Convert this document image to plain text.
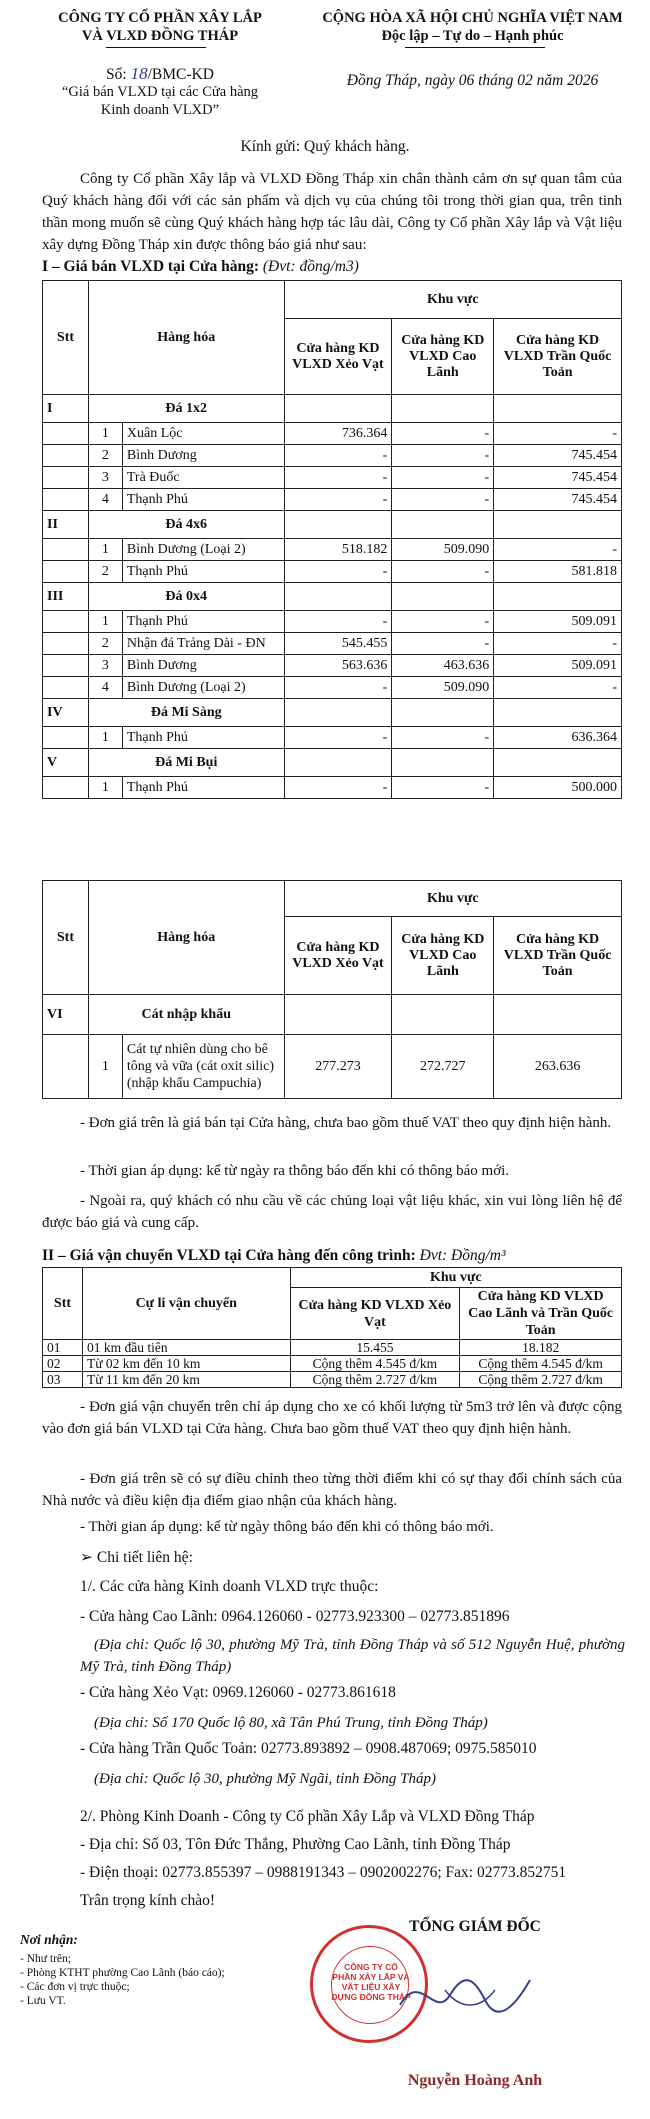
CÔNG TY CỔ PHẦN XÂY LẮP
VÀ VLXD ĐỒNG THÁP
CỘNG HÒA XÃ HỘI CHỦ NGHĨA VIỆT NAM
Độc lập – Tự do – Hạnh phúc
Số: 18/BMC-KD
“Giá bán VLXD tại các Cửa hàng
Kinh doanh VLXD”
Đồng Tháp, ngày 06 tháng 02 năm 2026
Kính gửi: Quý khách hàng.
Công ty Cổ phần Xây lắp và VLXD Đồng Tháp xin chân thành cảm ơn sự quan tâm của Quý khách hàng đối với các sản phẩm và dịch vụ của chúng tôi trong thời gian qua, trên tinh thần mong muốn sẽ cùng Quý khách hàng hợp tác lâu dài, Công ty Cổ phần Xây lắp và Vật liệu xây dựng Đồng Tháp xin được thông báo giá như sau:
I – Giá bán VLXD tại Cửa hàng: (Đvt: đồng/m3)
Stt	Hàng hóa		Khu vực		
			Cửa hàng KD VLXD Xẻo Vạt	Cửa hàng KD VLXD Cao Lãnh	Cửa hàng KD VLXD Trần Quốc Toản
I	Đá 1x2				
	1	Xuân Lộc	736.364	-	-
	2	Bình Dương	-	-	745.454
	3	Trà Đuốc	-	-	745.454
	4	Thạnh Phú	-	-	745.454
II	Đá 4x6				
	1	Bình Dương (Loại 2)	518.182	509.090	-
	2	Thạnh Phú	-	-	581.818
III	Đá 0x4				
	1	Thạnh Phú	-	-	509.091
	2	Nhận đá Trảng Dài - ĐN	545.455	-	-
	3	Bình Dương	563.636	463.636	509.091
	4	Bình Dương (Loại 2)	-	509.090	-
IV	Đá Mi Sàng				
	1	Thạnh Phú	-	-	636.364
V	Đá Mi Bụi				
	1	Thạnh Phú	-	-	500.000
Stt	Hàng hóa		Khu vực		
			Cửa hàng KD VLXD Xẻo Vạt	Cửa hàng KD VLXD Cao Lãnh	Cửa hàng KD VLXD Trần Quốc Toản
VI	Cát nhập khẩu				
	1	Cát tự nhiên dùng cho bê tông và vữa (cát oxit silic) (nhập khẩu Campuchia)	277.273	272.727	263.636
- Đơn giá trên là giá bán tại Cửa hàng, chưa bao gồm thuế VAT theo quy định hiện hành.
- Thời gian áp dụng: kể từ ngày ra thông báo đến khi có thông báo mới.
- Ngoài ra, quý khách có nhu cầu về các chủng loại vật liệu khác, xin vui lòng liên hệ để được báo giá và cung cấp.
II – Giá vận chuyển VLXD tại Cửa hàng đến công trình: Đvt: Đồng/m³
Stt	Cự li vận chuyển	Khu vực	
		Cửa hàng KD VLXD Xẻo Vạt	Cửa hàng KD VLXD Cao Lãnh và Trần Quốc Toản
01	01 km đầu tiên	15.455	18.182
02	Từ 02 km đến 10 km	Cộng thêm 4.545 đ/km	Cộng thêm 4.545 đ/km
03	Từ 11 km đến 20 km	Cộng thêm 2.727 đ/km	Cộng thêm 2.727 đ/km
- Đơn giá vận chuyển trên chỉ áp dụng cho xe có khối lượng từ 5m3 trở lên và được cộng vào đơn giá bán VLXD tại Cửa hàng. Chưa bao gồm thuế VAT theo quy định hiện hành.
- Đơn giá trên sẽ có sự điều chỉnh theo từng thời điểm khi có sự thay đổi chính sách của Nhà nước và điều kiện địa điểm giao nhận của khách hàng.
- Thời gian áp dụng: kể từ ngày thông báo đến khi có thông báo mới.
➢ Chi tiết liên hệ:
1/. Các cửa hàng Kinh doanh VLXD trực thuộc:
- Cửa hàng Cao Lãnh: 0964.126060 - 02773.923300 – 02773.851896
(Địa chỉ: Quốc lộ 30, phường Mỹ Trà, tỉnh Đồng Tháp và số 512 Nguyễn Huệ, phường Mỹ Trà, tỉnh Đồng Tháp)
- Cửa hàng Xẻo Vạt: 0969.126060 - 02773.861618
(Địa chỉ: Số 170 Quốc lộ 80, xã Tân Phú Trung, tỉnh Đồng Tháp)
- Cửa hàng Trần Quốc Toản: 02773.893892 – 0908.487069; 0975.585010
(Địa chỉ: Quốc lộ 30, phường Mỹ Ngãi, tỉnh Đồng Tháp)
2/. Phòng Kinh Doanh - Công ty Cổ phần Xây Lắp và VLXD Đồng Tháp
- Địa chỉ: Số 03, Tôn Đức Thắng, Phường Cao Lãnh, tỉnh Đồng Tháp
- Điện thoại: 02773.855397 – 0988191343 – 0902002276; Fax: 02773.852751
Trân trọng kính chào!
Nơi nhận:
- Như trên;
- Phòng KTHT phường Cao Lãnh (báo cáo);
- Các đơn vị trực thuộc;
- Lưu VT.
TỔNG GIÁM ĐỐC
CÔNG TY CỔ PHẦN XÂY LẮP VÀ VẬT LIỆU XÂY DỰNG ĐỒNG THÁP
Nguyễn Hoàng Anh
